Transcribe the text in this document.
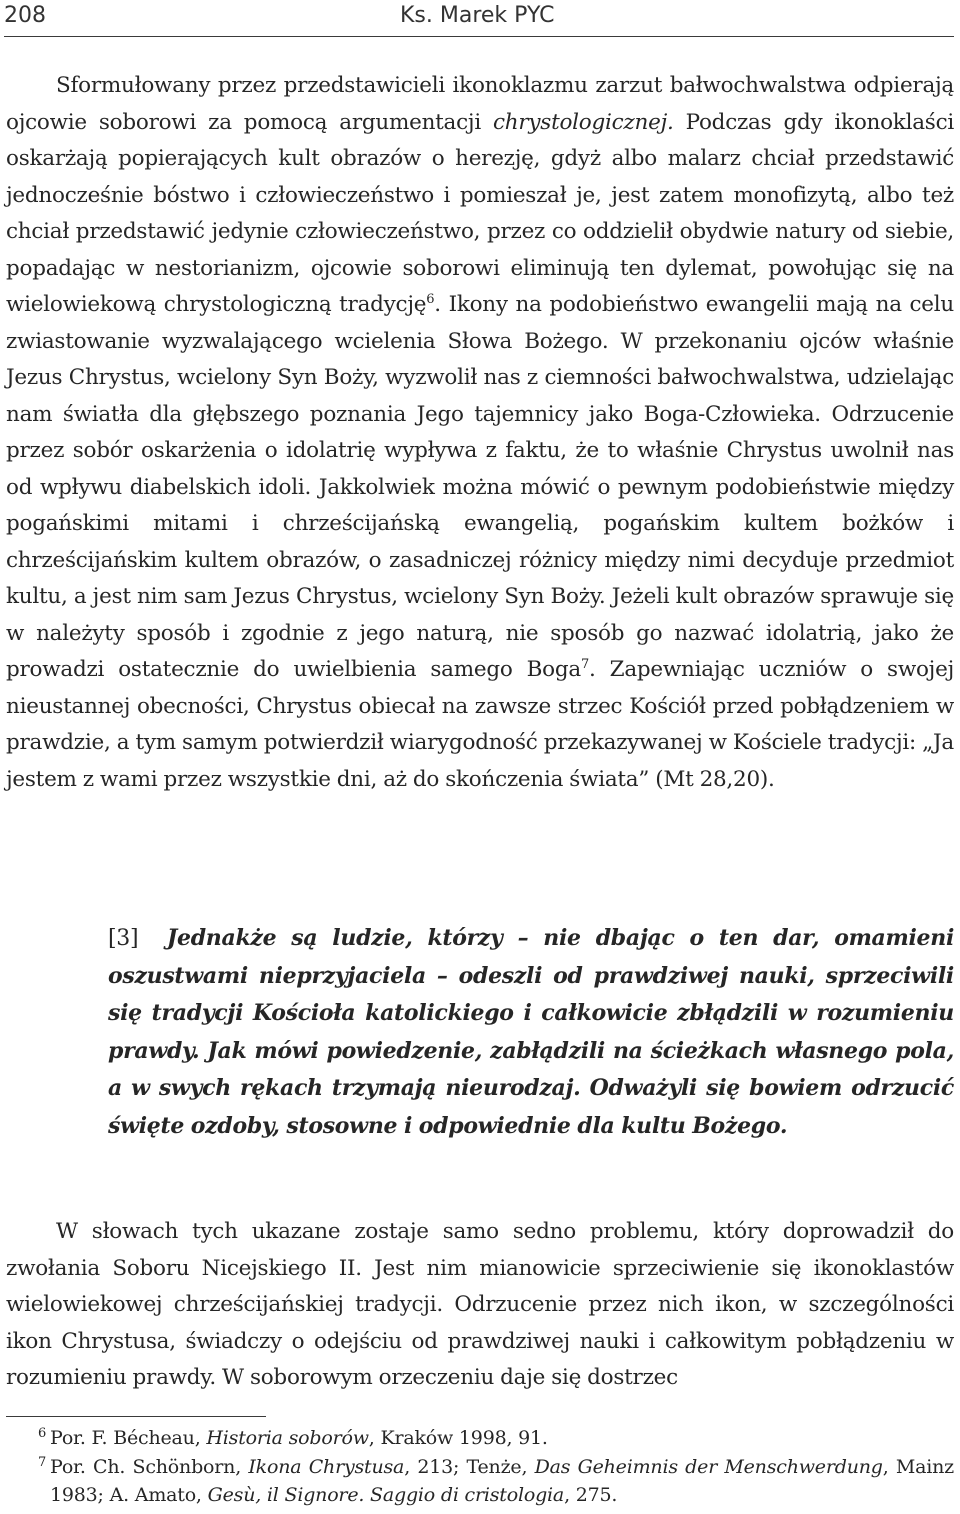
208	Ks. Marek PYC

Sformułowany przez przedstawicieli ikonoklazmu zarzut bałwochwalstwa odpierają ojcowie soborowi za pomocą argumentacji chrystologicznej. Podczas gdy ikonoklaści oskarżają popierających kult obrazów o herezję, gdyż albo malarz chciał przedstawić jednocześnie bóstwo i człowieczeństwo i pomieszał je, jest zatem monofizytą, albo też chciał przedstawić jedynie człowieczeństwo, przez co oddzielił obydwie natury od siebie, popadając w nestorianizm, ojcowie soborowi eliminują ten dylemat, powołując się na wielowiekową chrystologiczną tradycję$^6$. Ikony na podobieństwo ewangelii mają na celu zwiastowanie wyzwalającego wcielenia Słowa Bożego. W przekonaniu ojców właśnie Jezus Chrystus, wcielony Syn Boży, wyzwolił nas z ciemności bałwochwalstwa, udzielając nam światła dla głębszego poznania Jego tajemnicy jako Boga-Człowieka. Odrzucenie przez sobór oskarżenia o idolatrię wypływa z faktu, że to właśnie Chrystus uwolnił nas od wpływu diabelskich idoli. Jakkolwiek można mówić o pewnym podobieństwie między pogańskimi mitami i chrześcijańską ewangelią, pogańskim kultem bożków i chrześcijańskim kultem obrazów, o zasadniczej różnicy między nimi decyduje przedmiot kultu, a jest nim sam Jezus Chrystus, wcielony Syn Boży. Jeżeli kult obrazów sprawuje się w należyty sposób i zgodnie z jego naturą, nie sposób go nazwać idolatrią, jako że prowadzi ostatecznie do uwielbienia samego Boga$^7$. Zapewniając uczniów o swojej nieustannej obecności, Chrystus obiecał na zawsze strzec Kościół przed pobłądzeniem w prawdzie, a tym samym potwierdził wiarygodność przekazywanej w Kościele tradycji: „Ja jestem z wami przez wszystkie dni, aż do skończenia świata” (Mt 28,20).

[3] Jednakże są ludzie, którzy – nie dbając o ten dar, omamieni oszustwami nieprzyjaciela – odeszli od prawdziwej nauki, sprzeciwili się tradycji Kościoła katolickiego i całkowicie zbłądzili w rozumieniu prawdy. Jak mówi powiedzenie, zabłądzili na ścieżkach własnego pola, a w swych rękach trzymają nieurodzaj. Odważyli się bowiem odrzucić święte ozdoby, stosowne i odpowiednie dla kultu Bożego.

W słowach tych ukazane zostaje samo sedno problemu, który doprowadził do zwołania Soboru Nicejskiego II. Jest nim mianowicie sprzeciwienie się ikonoklastów wielowiekowej chrześcijańskiej tradycji. Odrzucenie przez nich ikon, w szczególności ikon Chrystusa, świadczy o odejściu od prawdziwej nauki i całkowitym pobłądzeniu w rozumieniu prawdy. W soborowym orzeczeniu daje się dostrzec

6 Por. F. Bécheau, Historia soborów, Kraków 1998, 91.

7 Por. Ch. Schönborn, Ikona Chrystusa, 213; Tenże, Das Geheimnis der Menschwerdung, Mainz 1983; A. Amato, Gesù, il Signore. Saggio di cristologia, 275.
